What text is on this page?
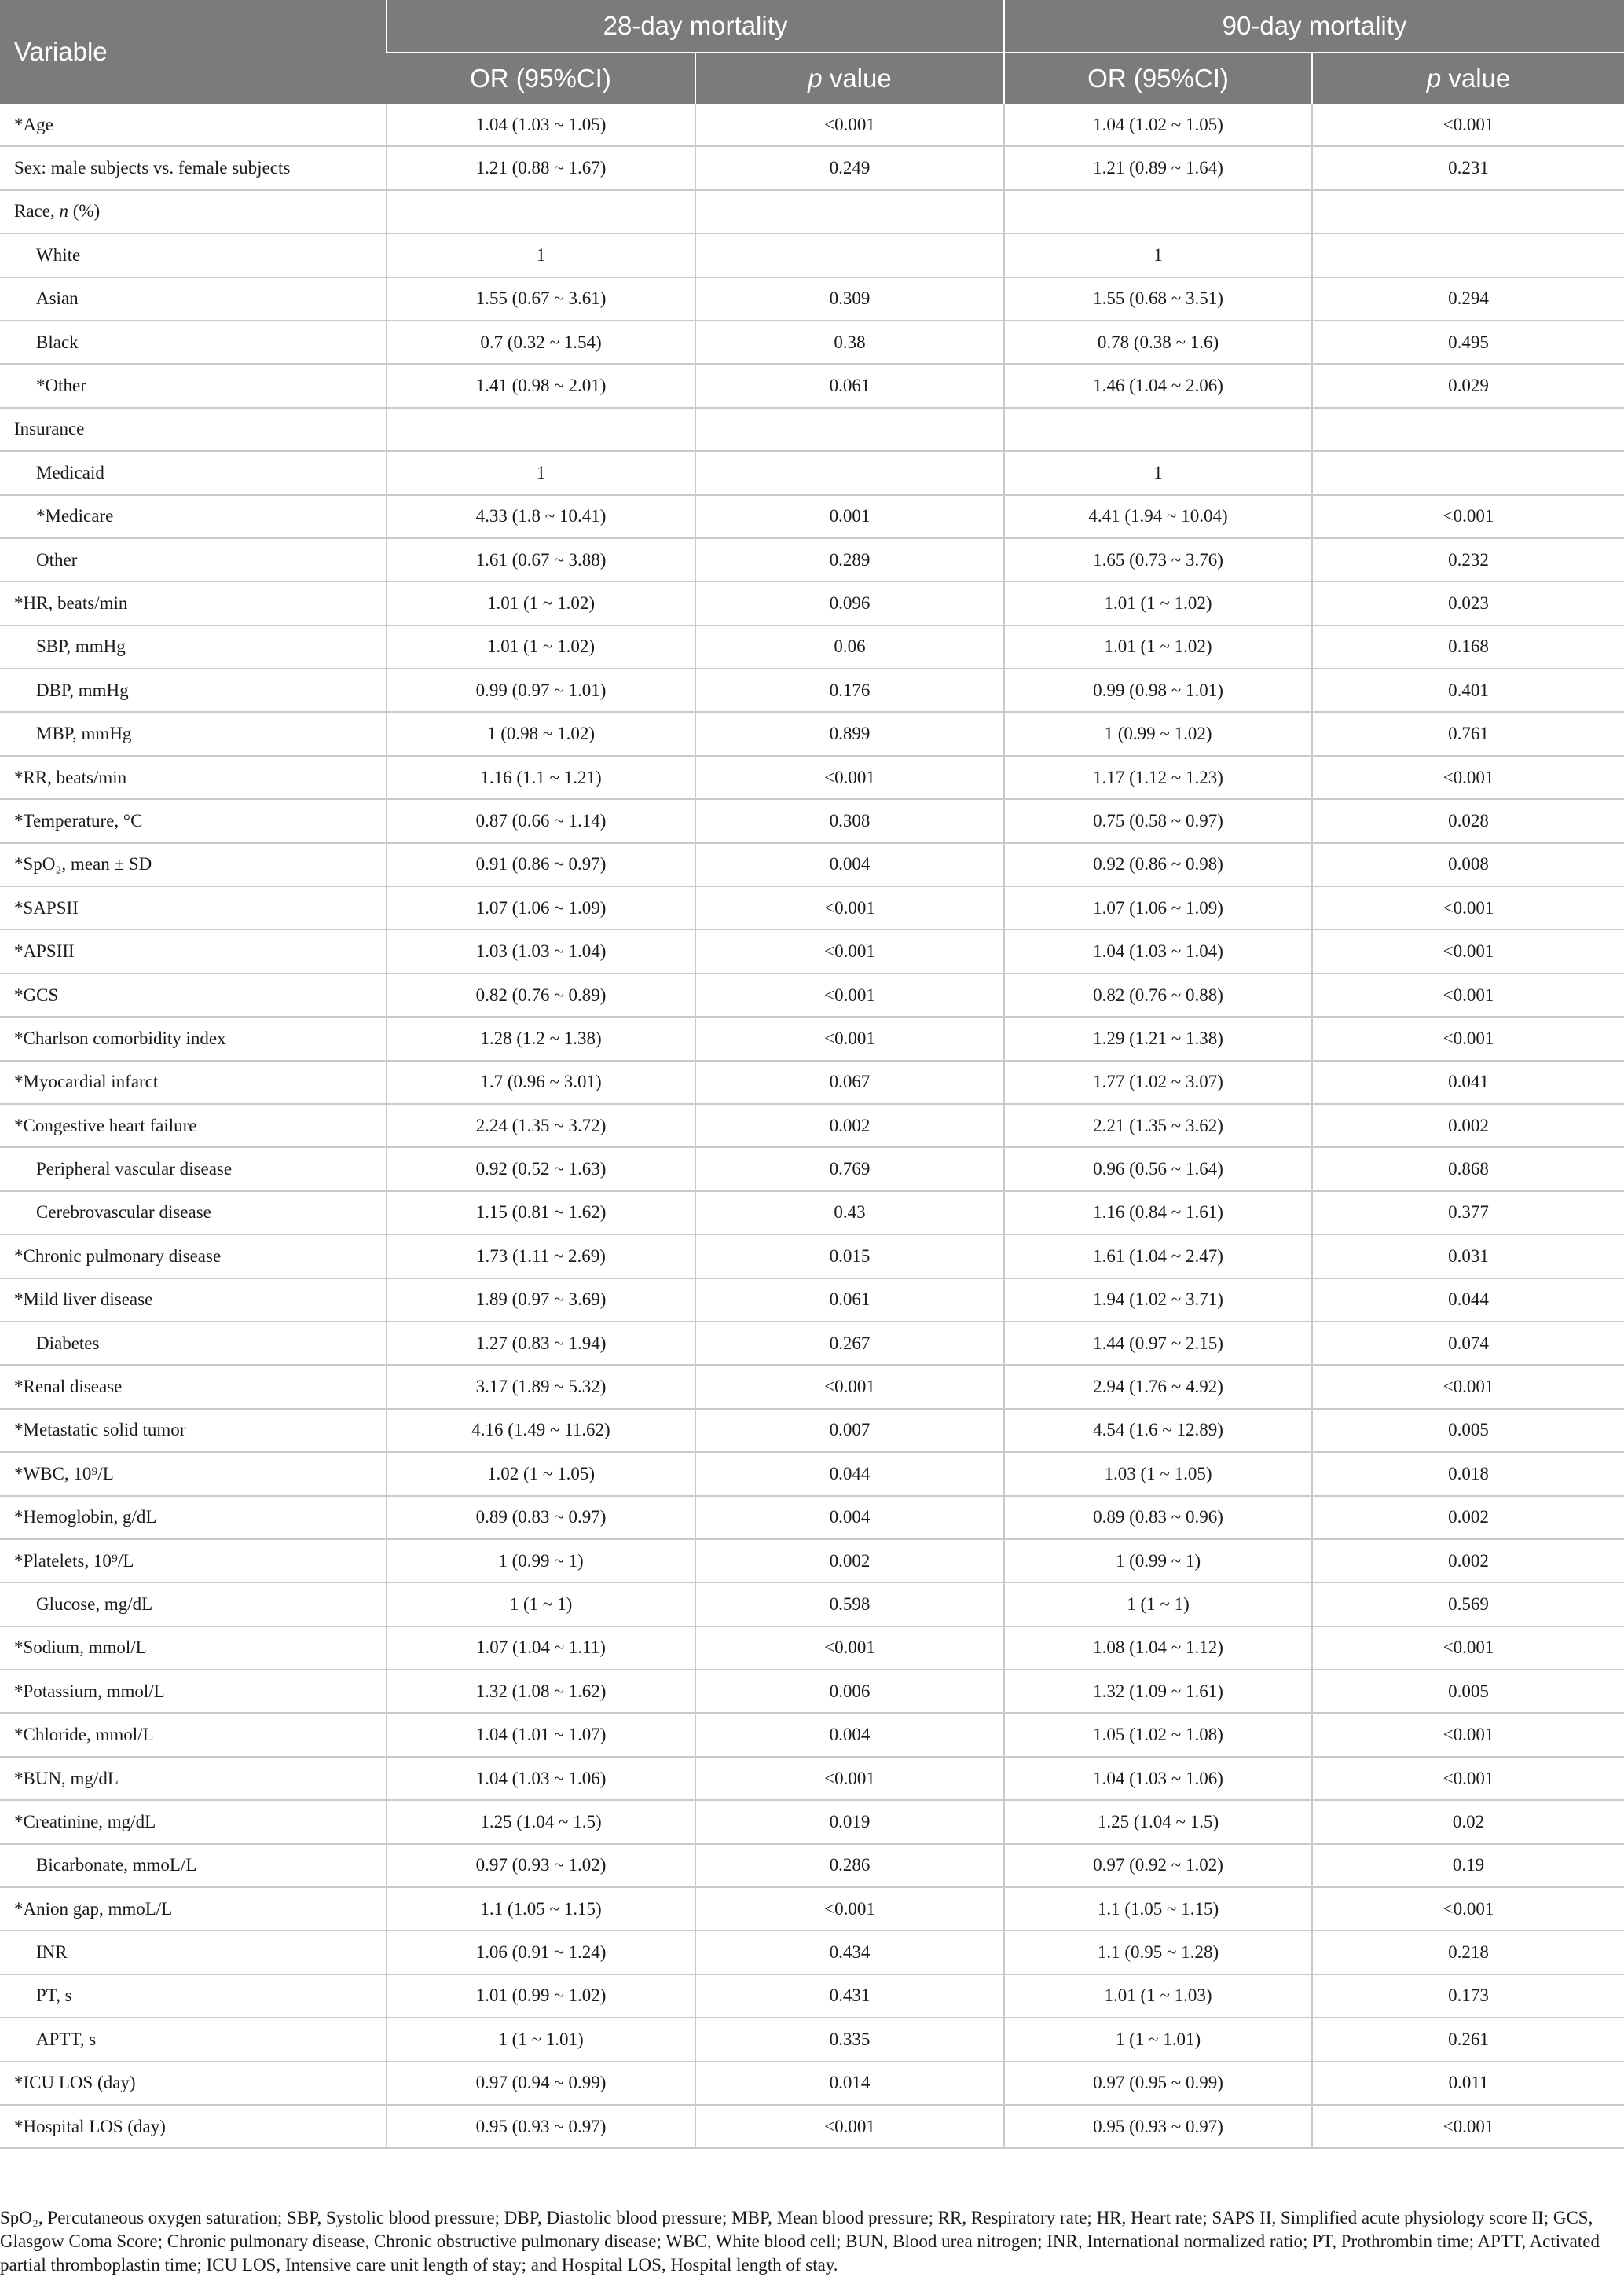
Variable	28-day mortality		90-day mortality	
	OR (95%CI)	p value	OR (95%CI)	p value
*Age	1.04 (1.03 ~ 1.05)	<0.001	1.04 (1.02 ~ 1.05)	<0.001
Sex: male subjects vs. female subjects	1.21 (0.88 ~ 1.67)	0.249	1.21 (0.89 ~ 1.64)	0.231
Race, n (%)				
White	1		1	
Asian	1.55 (0.67 ~ 3.61)	0.309	1.55 (0.68 ~ 3.51)	0.294
Black	0.7 (0.32 ~ 1.54)	0.38	0.78 (0.38 ~ 1.6)	0.495
*Other	1.41 (0.98 ~ 2.01)	0.061	1.46 (1.04 ~ 2.06)	0.029
Insurance				
Medicaid	1		1	
*Medicare	4.33 (1.8 ~ 10.41)	0.001	4.41 (1.94 ~ 10.04)	<0.001
Other	1.61 (0.67 ~ 3.88)	0.289	1.65 (0.73 ~ 3.76)	0.232
*HR, beats/min	1.01 (1 ~ 1.02)	0.096	1.01 (1 ~ 1.02)	0.023
SBP, mmHg	1.01 (1 ~ 1.02)	0.06	1.01 (1 ~ 1.02)	0.168
DBP, mmHg	0.99 (0.97 ~ 1.01)	0.176	0.99 (0.98 ~ 1.01)	0.401
MBP, mmHg	1 (0.98 ~ 1.02)	0.899	1 (0.99 ~ 1.02)	0.761
*RR, beats/min	1.16 (1.1 ~ 1.21)	<0.001	1.17 (1.12 ~ 1.23)	<0.001
*Temperature, °C	0.87 (0.66 ~ 1.14)	0.308	0.75 (0.58 ~ 0.97)	0.028
*SpO₂, mean ± SD	0.91 (0.86 ~ 0.97)	0.004	0.92 (0.86 ~ 0.98)	0.008
*SAPSII	1.07 (1.06 ~ 1.09)	<0.001	1.07 (1.06 ~ 1.09)	<0.001
*APSIII	1.03 (1.03 ~ 1.04)	<0.001	1.04 (1.03 ~ 1.04)	<0.001
*GCS	0.82 (0.76 ~ 0.89)	<0.001	0.82 (0.76 ~ 0.88)	<0.001
*Charlson comorbidity index	1.28 (1.2 ~ 1.38)	<0.001	1.29 (1.21 ~ 1.38)	<0.001
*Myocardial infarct	1.7 (0.96 ~ 3.01)	0.067	1.77 (1.02 ~ 3.07)	0.041
*Congestive heart failure	2.24 (1.35 ~ 3.72)	0.002	2.21 (1.35 ~ 3.62)	0.002
Peripheral vascular disease	0.92 (0.52 ~ 1.63)	0.769	0.96 (0.56 ~ 1.64)	0.868
Cerebrovascular disease	1.15 (0.81 ~ 1.62)	0.43	1.16 (0.84 ~ 1.61)	0.377
*Chronic pulmonary disease	1.73 (1.11 ~ 2.69)	0.015	1.61 (1.04 ~ 2.47)	0.031
*Mild liver disease	1.89 (0.97 ~ 3.69)	0.061	1.94 (1.02 ~ 3.71)	0.044
Diabetes	1.27 (0.83 ~ 1.94)	0.267	1.44 (0.97 ~ 2.15)	0.074
*Renal disease	3.17 (1.89 ~ 5.32)	<0.001	2.94 (1.76 ~ 4.92)	<0.001
*Metastatic solid tumor	4.16 (1.49 ~ 11.62)	0.007	4.54 (1.6 ~ 12.89)	0.005
*WBC, 10⁹/L	1.02 (1 ~ 1.05)	0.044	1.03 (1 ~ 1.05)	0.018
*Hemoglobin, g/dL	0.89 (0.83 ~ 0.97)	0.004	0.89 (0.83 ~ 0.96)	0.002
*Platelets, 10⁹/L	1 (0.99 ~ 1)	0.002	1 (0.99 ~ 1)	0.002
Glucose, mg/dL	1 (1 ~ 1)	0.598	1 (1 ~ 1)	0.569
*Sodium, mmol/L	1.07 (1.04 ~ 1.11)	<0.001	1.08 (1.04 ~ 1.12)	<0.001
*Potassium, mmol/L	1.32 (1.08 ~ 1.62)	0.006	1.32 (1.09 ~ 1.61)	0.005
*Chloride, mmol/L	1.04 (1.01 ~ 1.07)	0.004	1.05 (1.02 ~ 1.08)	<0.001
*BUN, mg/dL	1.04 (1.03 ~ 1.06)	<0.001	1.04 (1.03 ~ 1.06)	<0.001
*Creatinine, mg/dL	1.25 (1.04 ~ 1.5)	0.019	1.25 (1.04 ~ 1.5)	0.02
Bicarbonate, mmoL/L	0.97 (0.93 ~ 1.02)	0.286	0.97 (0.92 ~ 1.02)	0.19
*Anion gap, mmoL/L	1.1 (1.05 ~ 1.15)	<0.001	1.1 (1.05 ~ 1.15)	<0.001
INR	1.06 (0.91 ~ 1.24)	0.434	1.1 (0.95 ~ 1.28)	0.218
PT, s	1.01 (0.99 ~ 1.02)	0.431	1.01 (1 ~ 1.03)	0.173
APTT, s	1 (1 ~ 1.01)	0.335	1 (1 ~ 1.01)	0.261
*ICU LOS (day)	0.97 (0.94 ~ 0.99)	0.014	0.97 (0.95 ~ 0.99)	0.011
*Hospital LOS (day)	0.95 (0.93 ~ 0.97)	<0.001	0.95 (0.93 ~ 0.97)	<0.001
SpO₂, Percutaneous oxygen saturation; SBP, Systolic blood pressure; DBP, Diastolic blood pressure; MBP, Mean blood pressure; RR, Respiratory rate; HR, Heart rate; SAPS II, Simplified acute physiology score II; GCS, Glasgow Coma Score; Chronic pulmonary disease, Chronic obstructive pulmonary disease; WBC, White blood cell; BUN, Blood urea nitrogen; INR, International normalized ratio; PT, Prothrombin time; APTT, Activated partial thromboplastin time; ICU LOS, Intensive care unit length of stay; and Hospital LOS, Hospital length of stay.
